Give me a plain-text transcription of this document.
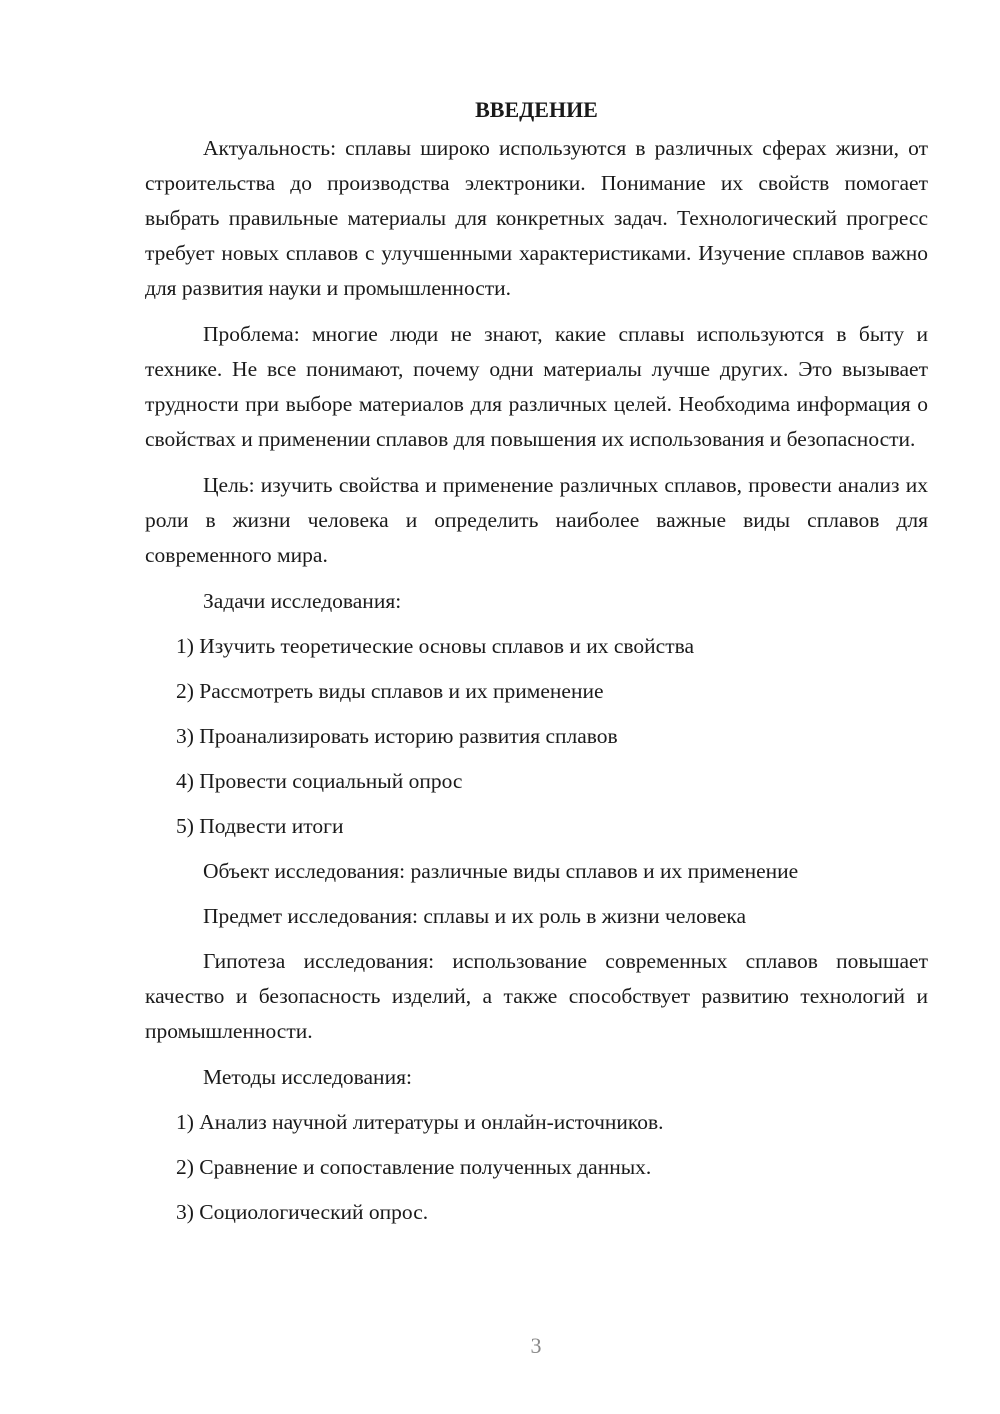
ВВЕДЕНИЕ

Актуальность: сплавы широко используются в различных сферах жизни, от строительства до производства электроники. Понимание их свойств помогает выбрать правильные материалы для конкретных задач. Технологический прогресс требует новых сплавов с улучшенными характеристиками. Изучение сплавов важно для развития науки и промышленности.

Проблема: многие люди не знают, какие сплавы используются в быту и технике. Не все понимают, почему одни материалы лучше других. Это вызывает трудности при выборе материалов для различных целей. Необходима информация о свойствах и применении сплавов для повышения их использования и безопасности.

Цель: изучить свойства и применение различных сплавов, провести анализ их роли в жизни человека и определить наиболее важные виды сплавов для современного мира.

Задачи исследования:
1) Изучить теоретические основы сплавов и их свойства
2) Рассмотреть виды сплавов и их применение
3) Проанализировать историю развития сплавов
4) Провести социальный опрос
5) Подвести итоги
Объект исследования: различные виды сплавов и их применение
Предмет исследования: сплавы и их роль в жизни человека

Гипотеза исследования: использование современных сплавов повышает качество и безопасность изделий, а также способствует развитию технологий и промышленности.

Методы исследования:
1) Анализ научной литературы и онлайн-источников.
2) Сравнение и сопоставление полученных данных.
3) Социологический опрос.
3
